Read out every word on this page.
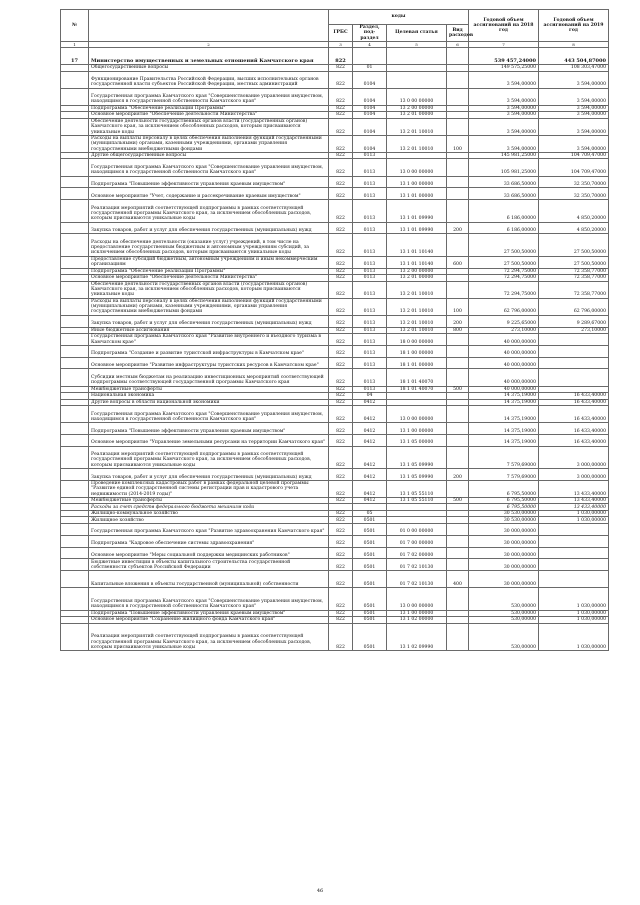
№		коды				Годовой объем ассигнований на 2018 год	Годовой объем ассигнований на 2019 год
		ГРБС	Раздел, под-раздел	Целевая статья	Вид расходов		
1	2	3	4	5	6	7	8
17	Министерство имущественных и земельных отношений Камчатского края	822				539 457,24000	443 504,87000
	Общегосударственные вопросы	822	01			149 575,25000	108 303,47000
	Функционирование Правительства Российской Федерации, высших исполнительных органов государственной власти субъектов Российской Федерации, местных администраций	822	0104			3 594,00000	3 594,00000
	Государственная программа Камчатского края "Совершенствование управления имуществом, находящимся в государственной собственности Камчатского края"	822	0104	13 0 00 00000		3 594,00000	3 594,00000
	Подпрограмма "Обеспечение реализации Программы"	822	0104	13 2 00 00000		3 594,00000	3 594,00000
	Основное мероприятие "Обеспечение деятельности Министерства"	822	0104	13 2 01 00000		3 594,00000	3 594,00000
	Обеспечение деятельности государственных органов власти (государственных органов) Камчатского края, за исключением обособленных расходов, которым присваиваются уникальные коды	822	0104	13 2 01 10010		3 594,00000	3 594,00000
	Расходы на выплаты персоналу в целях обеспечения выполнения функций государственными (муниципальными) органами, казенными учреждениями, органами управления государственными внебюджетными фондами	822	0104	13 2 01 10010	100	3 594,00000	3 594,00000
	Другие общегосударственные вопросы	822	0113			145 981,25000	104 709,47000
	Государственная программа Камчатского края "Совершенствование управления имуществом, находящимся в государственной собственности Камчатского края"	822	0113	13 0 00 00000		105 981,25000	104 709,47000
	Подпрограмма "Повышение эффективности управления краевым имуществом"	822	0113	13 1 00 00000		33 686,50000	32 350,70000
	Основное мероприятие "Учет, содержание и рассекречивание краевым имуществом"	822	0113	13 1 01 00000		33 686,50000	32 350,70000
	Реализация мероприятий соответствующей подпрограммы в рамках соответствующей государственной программы Камчатского края, за исключением обособленных расходов, которым присваиваются уникальные коды	822	0113	13 1 01 09990		6 186,00000	4 850,20000
	Закупка товаров, работ и услуг для обеспечения государственных (муниципальных) нужд	822	0113	13 1 01 09990	200	6 186,00000	4 850,20000
	Расходы на обеспечение деятельности (оказание услуг) учреждений, в том числе на предоставление государственным бюджетным и автономным учреждениям субсидий, за исключением обособленных расходов, которым присваиваются уникальные коды	822	0113	13 1 01 10140		27 500,50000	27 500,50000
	Предоставление субсидий бюджетным, автономным учреждениям и иным некоммерческим организациям	822	0113	13 1 01 10140	600	27 500,50000	27 500,50000
	Подпрограмма "Обеспечение реализации Программы"	822	0113	13 2 00 00000		72 294,75000	72 358,77000
	Основное мероприятие "Обеспечение деятельности Министерства"	822	0113	13 2 01 00000		72 294,75000	72 358,77000
	Обеспечение деятельности государственных органов власти (государственных органов) Камчатского края, за исключением обособленных расходов, которым присваиваются уникальные коды	822	0113	13 2 01 10010		72 294,75000	72 358,77000
	Расходы на выплаты персоналу в целях обеспечения выполнения функций государственными (муниципальными) органами, казенными учреждениями, органами управления государственными внебюджетными фондами	822	0113	13 2 01 10010	100	62 796,00000	62 796,00000
	Закупка товаров, работ и услуг для обеспечения государственных (муниципальных) нужд	822	0113	13 2 01 10010	200	9 225,65000	9 289,67000
	Иные бюджетные ассигнования	822	0113	13 2 01 10010	800	273,10000	273,10000
	Государственная программа Камчатского края "Развитие внутреннего и въездного туризма в Камчатском крае"	822	0113	18 0 00 00000		40 000,00000	
	Подпрограмма "Создание и развитие туристской инфраструктуры в Камчатском крае"	822	0113	18 1 00 00000		40 000,00000	
	Основное мероприятие "Развитие инфраструктуры туристских ресурсов в Камчатском крае"	822	0113	18 1 01 00000		40 000,00000	
	Субсидии местным бюджетам на реализацию инвестиционных мероприятий соответствующей подпрограммы соответствующей государственной программы Камчатского края	822	0113	18 1 01 40070		40 000,00000	
	Межбюджетные трансферты	822	0113	18 1 01 40070	500	40 000,00000	
	Национальная экономика	822	04			14 375,19000	16 433,40000
	Другие вопросы в области национальной экономики	822	0412			14 375,19000	16 433,40000
	Государственная программа Камчатского края "Совершенствование управления имуществом, находящимся в государственной собственности Камчатского края"	822	0412	13 0 00 00000		14 375,19000	16 433,40000
	Подпрограмма "Повышение эффективности управления краевым имуществом"	822	0412	13 1 00 00000		14 375,19000	16 433,40000
	Основное мероприятие "Управление земельными ресурсами на территории Камчатского края"	822	0412	13 1 05 00000		14 375,19000	16 433,40000
	Реализация мероприятий соответствующей подпрограммы в рамках соответствующей государственной программы Камчатского края, за исключением обособленных расходов, которым присваиваются уникальные коды	822	0412	13 1 05 09990		7 579,69000	3 000,00000
	Закупка товаров, работ и услуг для обеспечения государственных (муниципальных) нужд	822	0412	13 1 05 09990	200	7 579,69000	3 000,00000
	Проведение комплексных кадастровых работ в рамках федеральной целевой программы "Развитие единой государственной системы регистрации прав и кадастрового учета недвижимости (2014-2019 годы)"	822	0412	13 1 05 55110		6 795,50000	13 433,40000
	Межбюджетные трансферты	822	0412	13 1 05 55110	500	6 795,50000	13 433,40000
	Расходы за счет средств федерального бюджета механизм кода					6 795,50000	13 433,40000
	Жилищно-коммунальное хозяйство	822	05			30 530,00000	1 030,00000
	Жилищное хозяйство	822	0501			30 530,00000	1 030,00000
	Государственная программа Камчатского края "Развитие здравоохранения Камчатского края"	822	0501	01 0 00 00000		30 000,00000	
	Подпрограмма "Кадровое обеспечение системы здравоохранения"	822	0501	01 7 00 00000		30 000,00000	
	Основное мероприятие "Меры социальной поддержки медицинских работников"	822	0501	01 7 02 00000		30 000,00000	
	Бюджетные инвестиции в объекты капитального строительства государственной собственности субъектов Российской Федерации	822	0501	01 7 02 10130		30 000,00000	
	Капитальные вложения в объекты государственной (муниципальной) собственности	822	0501	01 7 02 10130	400	30 000,00000	
	Государственная программа Камчатского края "Совершенствование управления имуществом, находящимся в государственной собственности Камчатского края"	822	0501	13 0 00 00000		530,00000	1 030,00000
	Подпрограмма "Повышение эффективности управления краевым имуществом"	822	0501	13 1 00 00000		530,00000	1 030,00000
	Основное мероприятие "Сохранение жилищного фонда Камчатского края"	822	0501	13 1 02 00000		530,00000	1 030,00000
	Реализация мероприятий соответствующей подпрограммы в рамках соответствующей государственной программы Камчатского края, за исключением обособленных расходов, которым присваиваются уникальные коды	822	0501	13 1 02 09990		530,00000	1 030,00000
46
